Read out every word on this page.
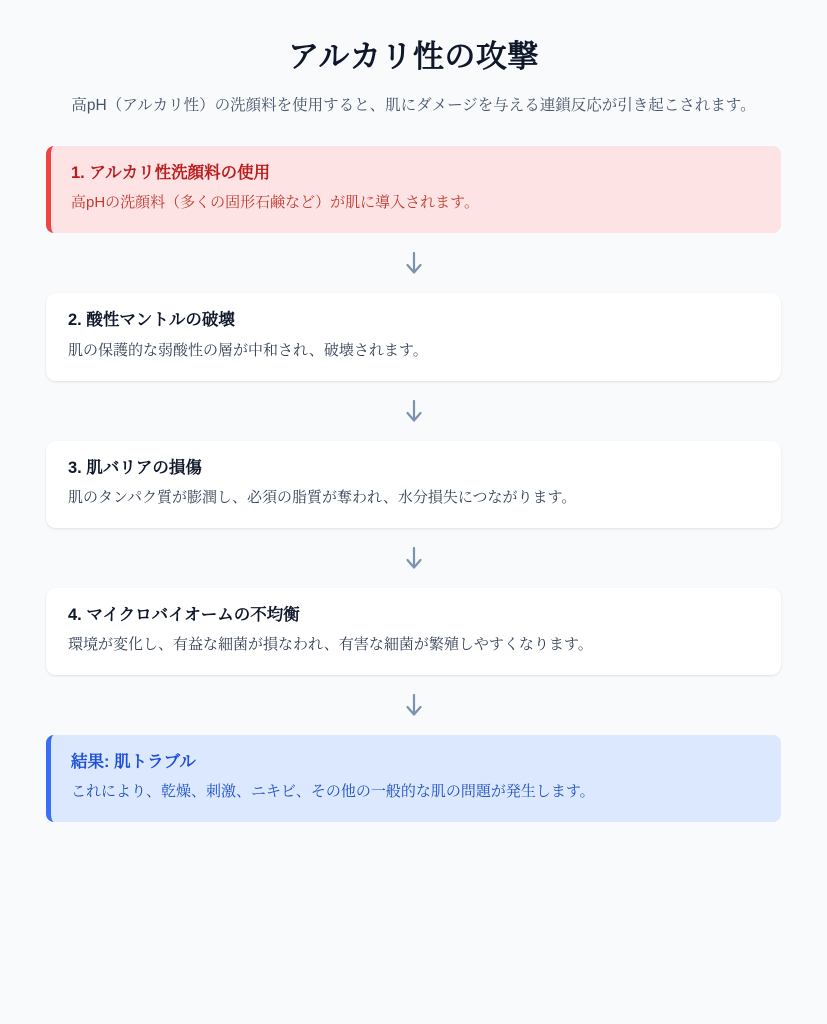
アルカリ性の攻撃

高pH（アルカリ性）の洗顔料を使用すると、肌にダメージを与える連鎖反応が引き起こされます。

1. アルカリ性洗顔料の使用
高pHの洗顔料（多くの固形石鹸など）が肌に導入されます。
2. 酸性マントルの破壊
肌の保護的な弱酸性の層が中和され、破壊されます。
3. 肌バリアの損傷
肌のタンパク質が膨潤し、必須の脂質が奪われ、水分損失につながります。
4. マイクロバイオームの不均衡
環境が変化し、有益な細菌が損なわれ、有害な細菌が繁殖しやすくなります。
結果: 肌トラブル
これにより、乾燥、刺激、ニキビ、その他の一般的な肌の問題が発生します。
